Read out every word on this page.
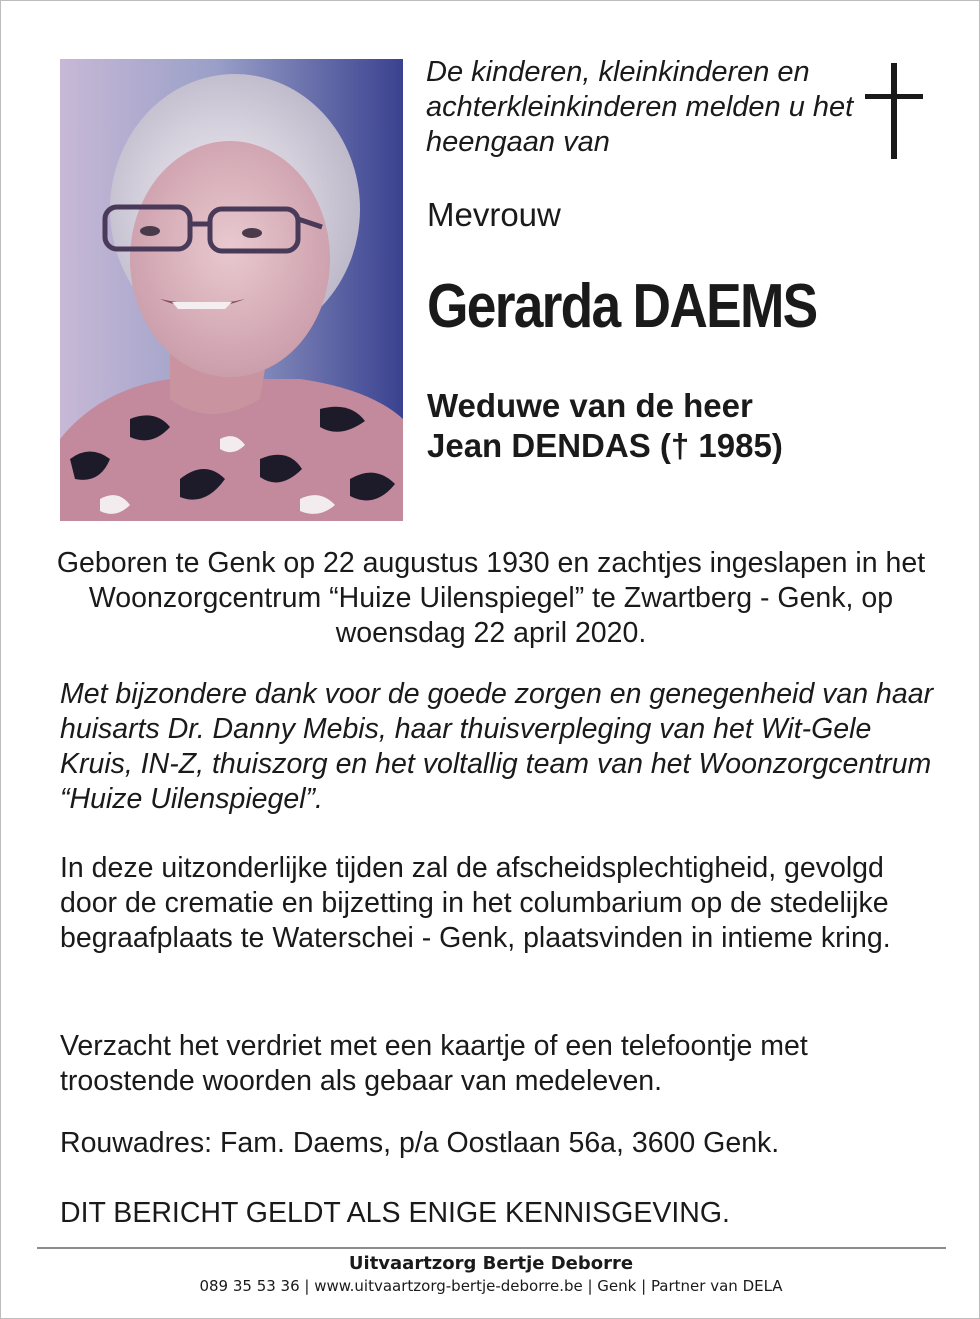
De kinderen, kleinkinderen en achterkleinkinderen melden u het heengaan van
Mevrouw
Gerarda DAEMS
Weduwe van de heer
Jean DENDAS († 1985)
Geboren te Genk op 22 augustus 1930 en zachtjes ingeslapen in het Woonzorgcentrum “Huize Uilenspiegel” te Zwartberg - Genk, op woensdag 22 april 2020.
Met bijzondere dank voor de goede zorgen en genegenheid van haar huisarts Dr. Danny Mebis, haar thuisverpleging van het Wit-Gele Kruis, IN-Z, thuiszorg en het voltallig team van het Woonzorgcentrum “Huize Uilenspiegel”.
In deze uitzonderlijke tijden zal de afscheidsplechtigheid, gevolgd door de crematie en bijzetting in het columbarium op de stedelijke begraafplaats te Waterschei - Genk, plaatsvinden in intieme kring.
Verzacht het verdriet met een kaartje of een telefoontje met troostende woorden als gebaar van medeleven.
Rouwadres: Fam. Daems, p/a Oostlaan 56a, 3600 Genk.
DIT BERICHT GELDT ALS ENIGE KENNISGEVING.
Uitvaartzorg Bertje Deborre
089 35 53 36 | www.uitvaartzorg-bertje-deborre.be | Genk | Partner van DELA
